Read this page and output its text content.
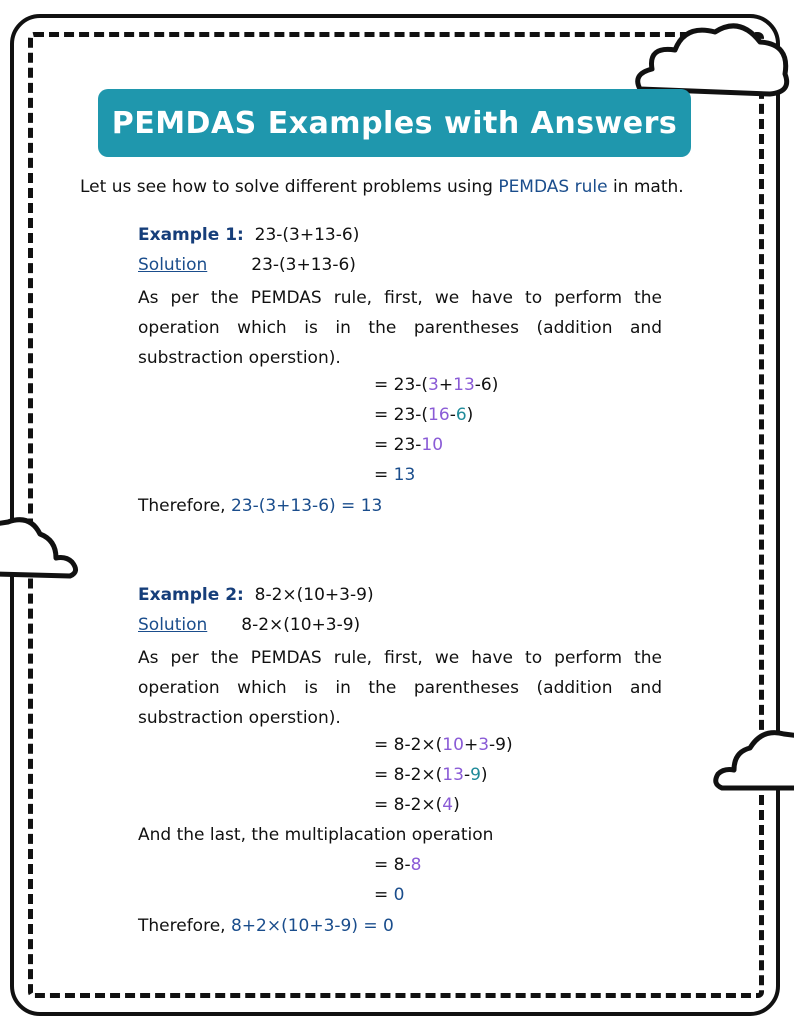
PEMDAS Examples with Answers
Let us see how to solve different problems using PEMDAS rule in math.
Example 1: 23-(3+13-6)
Solution	23-(3+13-6)
As per the PEMDAS rule, first, we have to perform the operation which is in the parentheses (addition and substraction operstion).
= 23-(3+13-6)
= 23-(16-6)
= 23-10
= 13
Therefore, 23-(3+13-6) = 13
Example 2: 8-2×(10+3-9)
Solution 8-2×(10+3-9)
As per the PEMDAS rule, first, we have to perform the operation which is in the parentheses (addition and substraction operstion).
= 8-2×(10+3-9)
= 8-2×(13-9)
= 8-2×(4)
And the last, the multiplacation operation
= 8-8
= 0
Therefore, 8+2×(10+3-9) = 0
